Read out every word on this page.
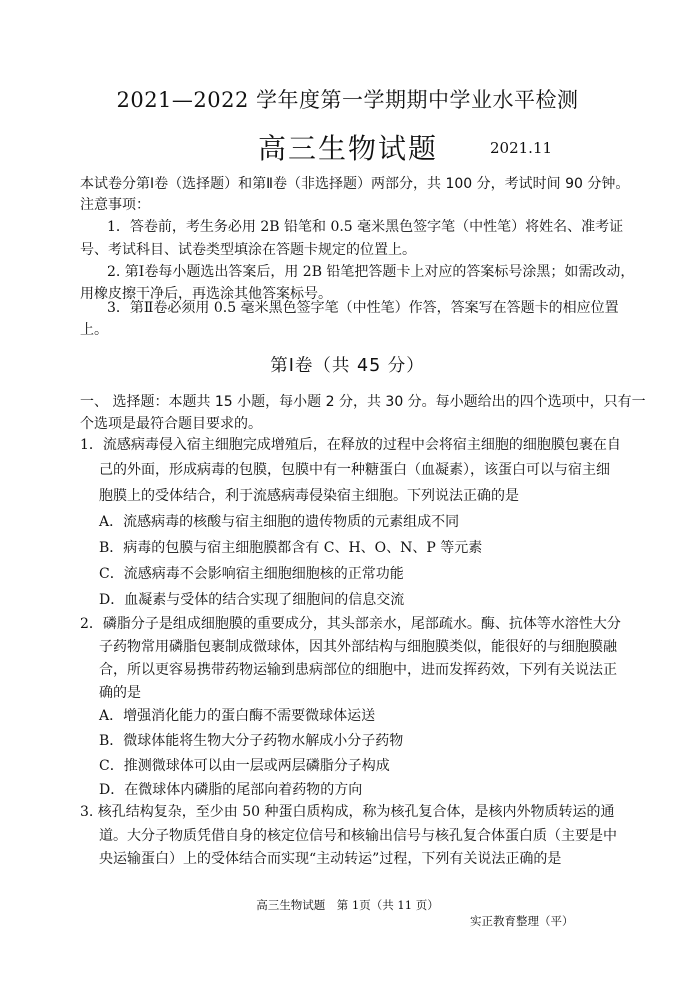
2021—2022 学年度第一学期期中学业水平检测
高三生物试题	2021.11
本试卷分第Ⅰ卷（选择题）和第Ⅱ卷（非选择题）两部分，共 100 分，考试时间 90 分钟。
注意事项：
1．答卷前，考生务必用 2B 铅笔和 0.5 毫米黑色签字笔（中性笔）将姓名、准考证
号、考试科目、试卷类型填涂在答题卡规定的位置上。
2. 第Ⅰ卷每小题选出答案后，用 2B 铅笔把答题卡上对应的答案标号涂黑；如需改动，
用橡皮擦干净后，再选涂其他答案标号。
3．第Ⅱ卷必须用 0.5 毫米黑色签字笔（中性笔）作答，答案写在答题卡的相应位置
上。
第Ⅰ卷（共 45 分）
一、 选择题：本题共 15 小题，每小题 2 分，共 30 分。每小题给出的四个选项中，只有一
个选项是最符合题目要求的。
1．流感病毒侵入宿主细胞完成增殖后，在释放的过程中会将宿主细胞的细胞膜包裹在自
己的外面，形成病毒的包膜，包膜中有一种糖蛋白（血凝素），该蛋白可以与宿主细
胞膜上的受体结合，利于流感病毒侵染宿主细胞。下列说法正确的是
A．流感病毒的核酸与宿主细胞的遗传物质的元素组成不同
B．病毒的包膜与宿主细胞膜都含有 C、H、O、N、P 等元素
C．流感病毒不会影响宿主细胞细胞核的正常功能
D．血凝素与受体的结合实现了细胞间的信息交流
2．磷脂分子是组成细胞膜的重要成分，其头部亲水，尾部疏水。酶、抗体等水溶性大分
子药物常用磷脂包裹制成微球体，因其外部结构与细胞膜类似，能很好的与细胞膜融
合，所以更容易携带药物运输到患病部位的细胞中，进而发挥药效，下列有关说法正
确的是
A．增强消化能力的蛋白酶不需要微球体运送
B．微球体能将生物大分子药物水解成小分子药物
C．推测微球体可以由一层或两层磷脂分子构成
D．在微球体内磷脂的尾部向着药物的方向
3. 核孔结构复杂，至少由 50 种蛋白质构成，称为核孔复合体，是核内外物质转运的通
道。大分子物质凭借自身的核定位信号和核输出信号与核孔复合体蛋白质（主要是中
央运输蛋白）上的受体结合而实现“主动转运”过程，下列有关说法正确的是
高三生物试题　第 1页（共 11 页）
实正教育整理（平）
